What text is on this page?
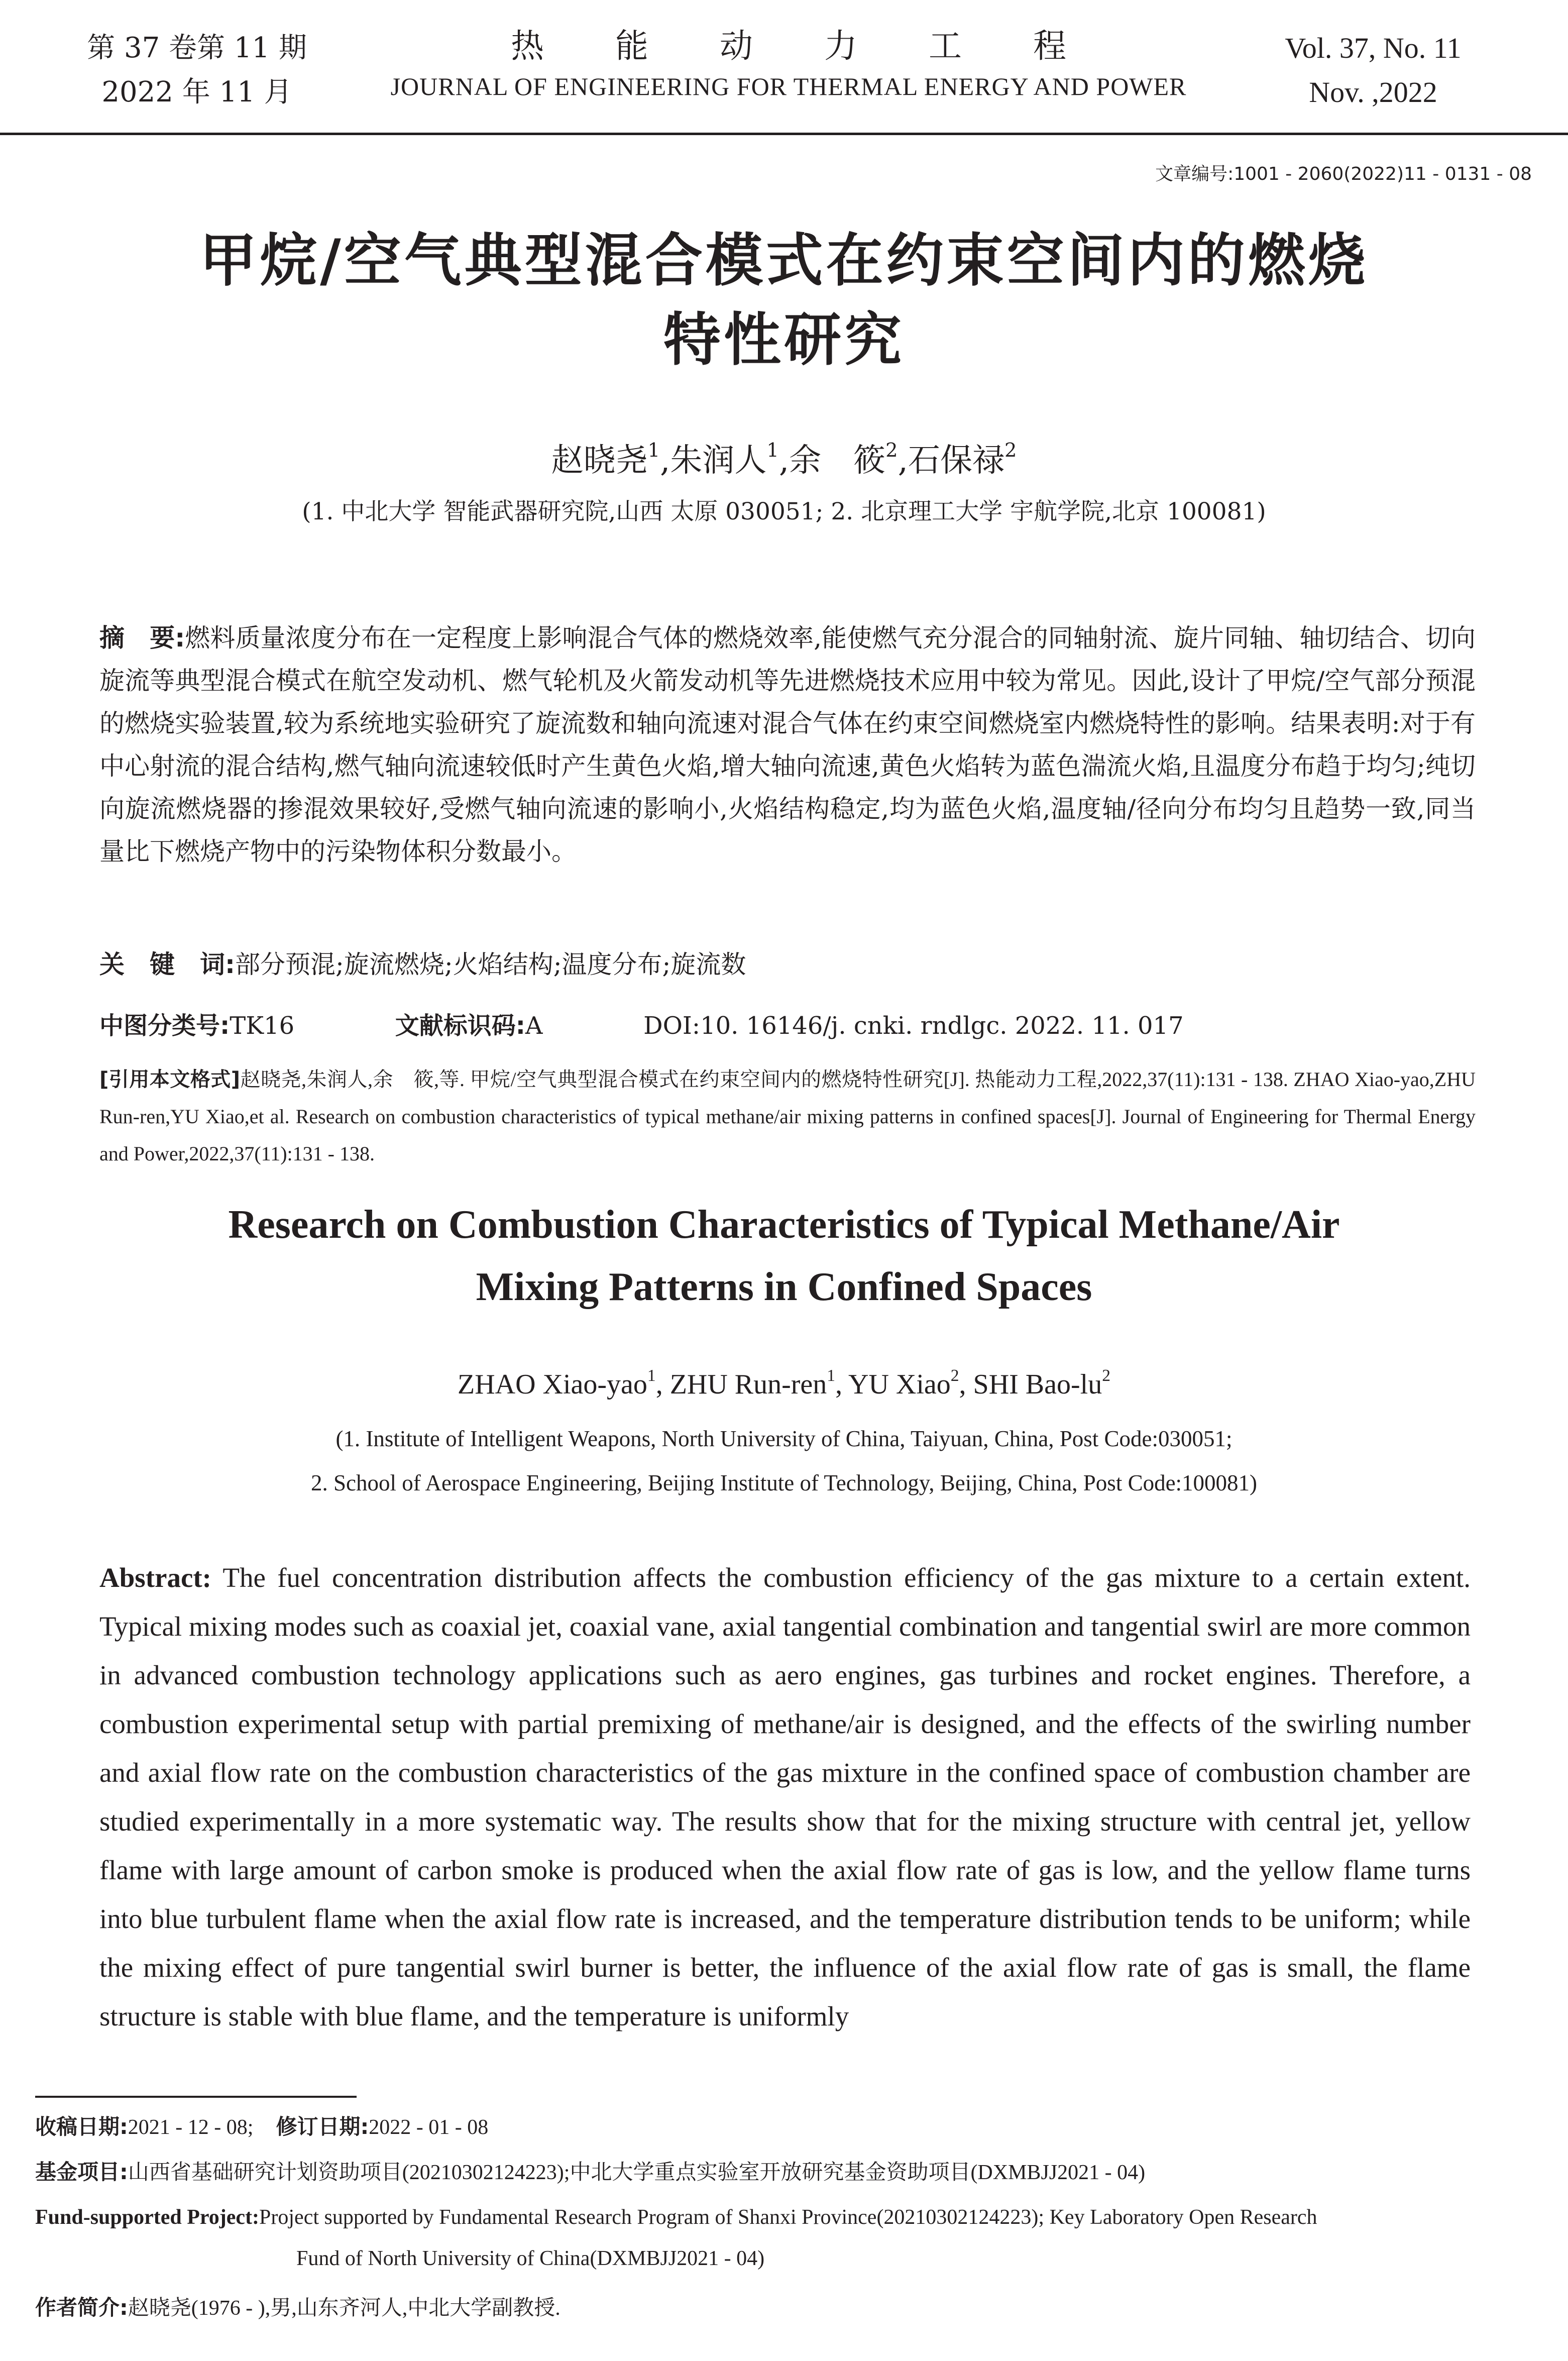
第 37 卷第 11 期
2022 年 11 月
热能动力工程
JOURNAL OF ENGINEERING FOR THERMAL ENERGY AND POWER
Vol. 37, No. 11
Nov. ,2022
文章编号:1001 - 2060(2022)11 - 0131 - 08
甲烷/空气典型混合模式在约束空间内的燃烧
特性研究
赵晓尧$^1$,朱润人$^1$,余　筱$^2$,石保禄$^2$
(1. 中北大学 智能武器研究院,山西 太原 030051; 2. 北京理工大学 宇航学院,北京 100081)
摘　要:燃料质量浓度分布在一定程度上影响混合气体的燃烧效率,能使燃气充分混合的同轴射流、旋片同轴、轴切结合、切向旋流等典型混合模式在航空发动机、燃气轮机及火箭发动机等先进燃烧技术应用中较为常见。因此,设计了甲烷/空气部分预混的燃烧实验装置,较为系统地实验研究了旋流数和轴向流速对混合气体在约束空间燃烧室内燃烧特性的影响。结果表明:对于有中心射流的混合结构,燃气轴向流速较低时产生黄色火焰,增大轴向流速,黄色火焰转为蓝色湍流火焰,且温度分布趋于均匀;纯切向旋流燃烧器的掺混效果较好,受燃气轴向流速的影响小,火焰结构稳定,均为蓝色火焰,温度轴/径向分布均匀且趋势一致,同当量比下燃烧产物中的污染物体积分数最小。
关　键　词:部分预混;旋流燃烧;火焰结构;温度分布;旋流数
中图分类号:TK16	文献标识码:A	DOI:10. 16146/j. cnki. rndlgc. 2022. 11. 017
[引用本文格式]赵晓尧,朱润人,余　筱,等. 甲烷/空气典型混合模式在约束空间内的燃烧特性研究[J]. 热能动力工程,2022,37(11):131 - 138. ZHAO Xiao-yao,ZHU Run-ren,YU Xiao,et al. Research on combustion characteristics of typical methane/air mixing patterns in confined spaces[J]. Journal of Engineering for Thermal Energy and Power,2022,37(11):131 - 138.
Research on Combustion Characteristics of Typical Methane/Air
Mixing Patterns in Confined Spaces
ZHAO Xiao-yao$^1$, ZHU Run-ren$^1$, YU Xiao$^2$, SHI Bao-$lu^2$
(1. Institute of Intelligent Weapons, North University of China, Taiyuan, China, Post Code:030051;
2. School of Aerospace Engineering, Beijing Institute of Technology, Beijing, China, Post Code:100081)
Abstract: The fuel concentration distribution affects the combustion efficiency of the gas mixture to a certain extent. Typical mixing modes such as coaxial jet, coaxial vane, axial tangential combination and tangential swirl are more common in advanced combustion technology applications such as aero engines, gas turbines and rocket engines. Therefore, a combustion experimental setup with partial premixing of methane/air is designed, and the effects of the swirling number and axial flow rate on the combustion characteristics of the gas mixture in the confined space of combustion chamber are studied experimentally in a more systematic way. The results show that for the mixing structure with central jet, yellow flame with large amount of carbon smoke is produced when the axial flow rate of gas is low, and the yellow flame turns into blue turbulent flame when the axial flow rate is increased, and the temperature distribution tends to be uniform; while the mixing effect of pure tangential swirl burner is better, the influence of the axial flow rate of gas is small, the flame structure is stable with blue flame, and the temperature is uniformly
收稿日期:2021 - 12 - 08; 修订日期:2022 - 01 - 08
基金项目:山西省基础研究计划资助项目(20210302124223);中北大学重点实验室开放研究基金资助项目(DXMBJJ2021 - 04)
Fund-supported Project:Project supported by Fundamental Research Program of Shanxi Province(20210302124223); Key Laboratory Open Research
Fund of North University of China(DXMBJJ2021 - 04)
作者简介:赵晓尧(1976 - ),男,山东齐河人,中北大学副教授.
